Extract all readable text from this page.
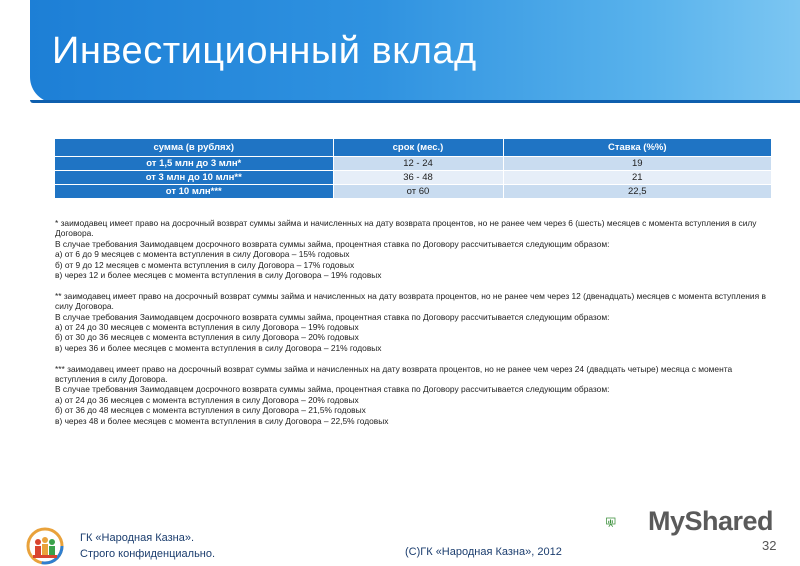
Инвестиционный вклад
сумма (в рублях)	срок (мес.)	Ставка (%%)
от 1,5 млн до 3 млн*	12 - 24	19
от 3 млн до 10 млн**	36 - 48	21
от 10 млн***	от 60	22,5

* заимодавец имеет право на досрочный возврат суммы займа и начисленных на дату возврата процентов, но не ранее чем через 6 (шесть) месяцев с момента вступления в силу Договора.

В случае требования Заимодавцем досрочного возврата суммы займа, процентная ставка по Договору рассчитывается следующим образом:

а) от 6 до 9 месяцев с момента вступления в силу Договора – 15% годовых

б) от 9 до 12 месяцев с момента вступления в силу Договора – 17% годовых

в) через 12 и более месяцев с момента вступления в силу Договора – 19% годовых

** заимодавец имеет право на досрочный возврат суммы займа и начисленных на дату возврата процентов, но не ранее чем через 12 (двенадцать) месяцев с момента вступления в силу Договора.

В случае требования Заимодавцем досрочного возврата суммы займа, процентная ставка по Договору рассчитывается следующим образом:

а) от 24 до 30 месяцев с момента вступления в силу Договора – 19% годовых

б) от 30 до 36 месяцев с момента вступления в силу Договора – 20% годовых

в) через 36 и более месяцев с момента вступления в силу Договора – 21% годовых

*** заимодавец имеет право на досрочный возврат суммы займа и начисленных на дату возврата процентов, но не ранее чем через 24 (двадцать четыре) месяца с момента вступления в силу Договора.

В случае требования Заимодавцем досрочного возврата суммы займа, процентная ставка по Договору рассчитывается следующим образом:

а) от 24 до 36 месяцев с момента вступления в силу Договора – 20% годовых

б) от 36 до 48 месяцев с момента вступления в силу Договора – 21,5% годовых

в) через 48 и более месяцев с момента вступления в силу Договора – 22,5% годовых

ГК «Народная Казна».
Строго конфиденциально.	(С)ГК «Народная Казна», 2012	32
MyShared
